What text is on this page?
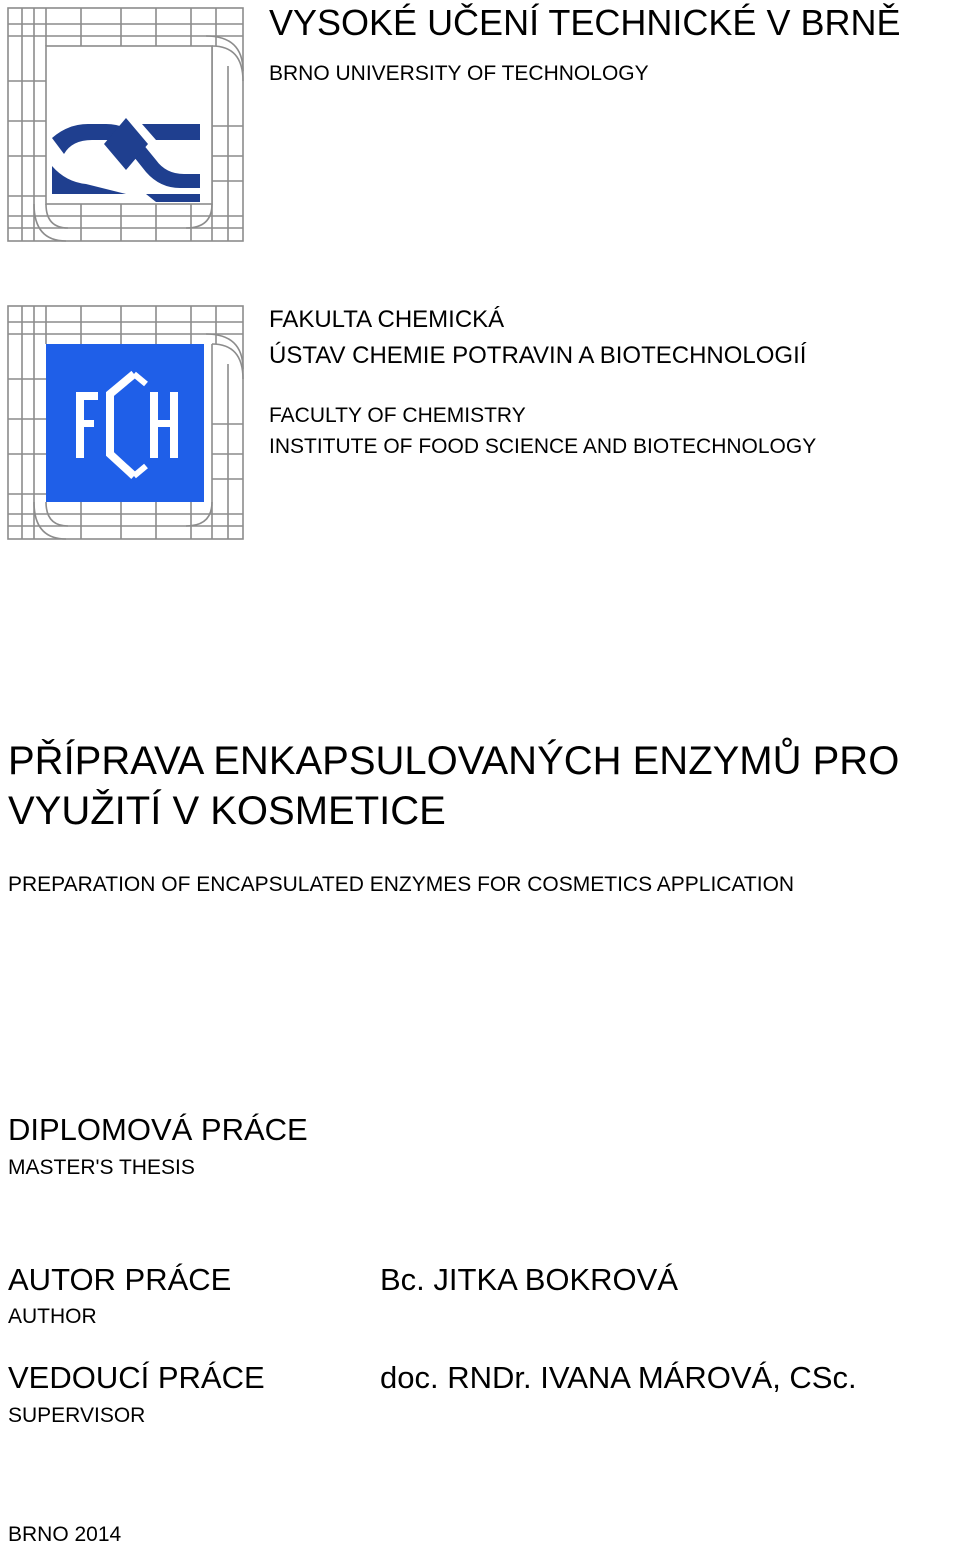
VYSOKÉ UČENÍ TECHNICKÉ V BRNĚ
BRNO UNIVERSITY OF TECHNOLOGY
FAKULTA CHEMICKÁ
ÚSTAV CHEMIE POTRAVIN A BIOTECHNOLOGIÍ
FACULTY OF CHEMISTRY
INSTITUTE OF FOOD SCIENCE AND BIOTECHNOLOGY
PŘÍPRAVA ENKAPSULOVANÝCH ENZYMŮ PRO VYUŽITÍ V KOSMETICE
PREPARATION OF ENCAPSULATED ENZYMES FOR COSMETICS APPLICATION
DIPLOMOVÁ PRÁCE
MASTER'S THESIS
AUTOR PRÁCE
AUTHOR
Bc. JITKA BOKROVÁ
VEDOUCÍ PRÁCE
SUPERVISOR
doc. RNDr. IVANA MÁROVÁ, CSc.
BRNO 2014
